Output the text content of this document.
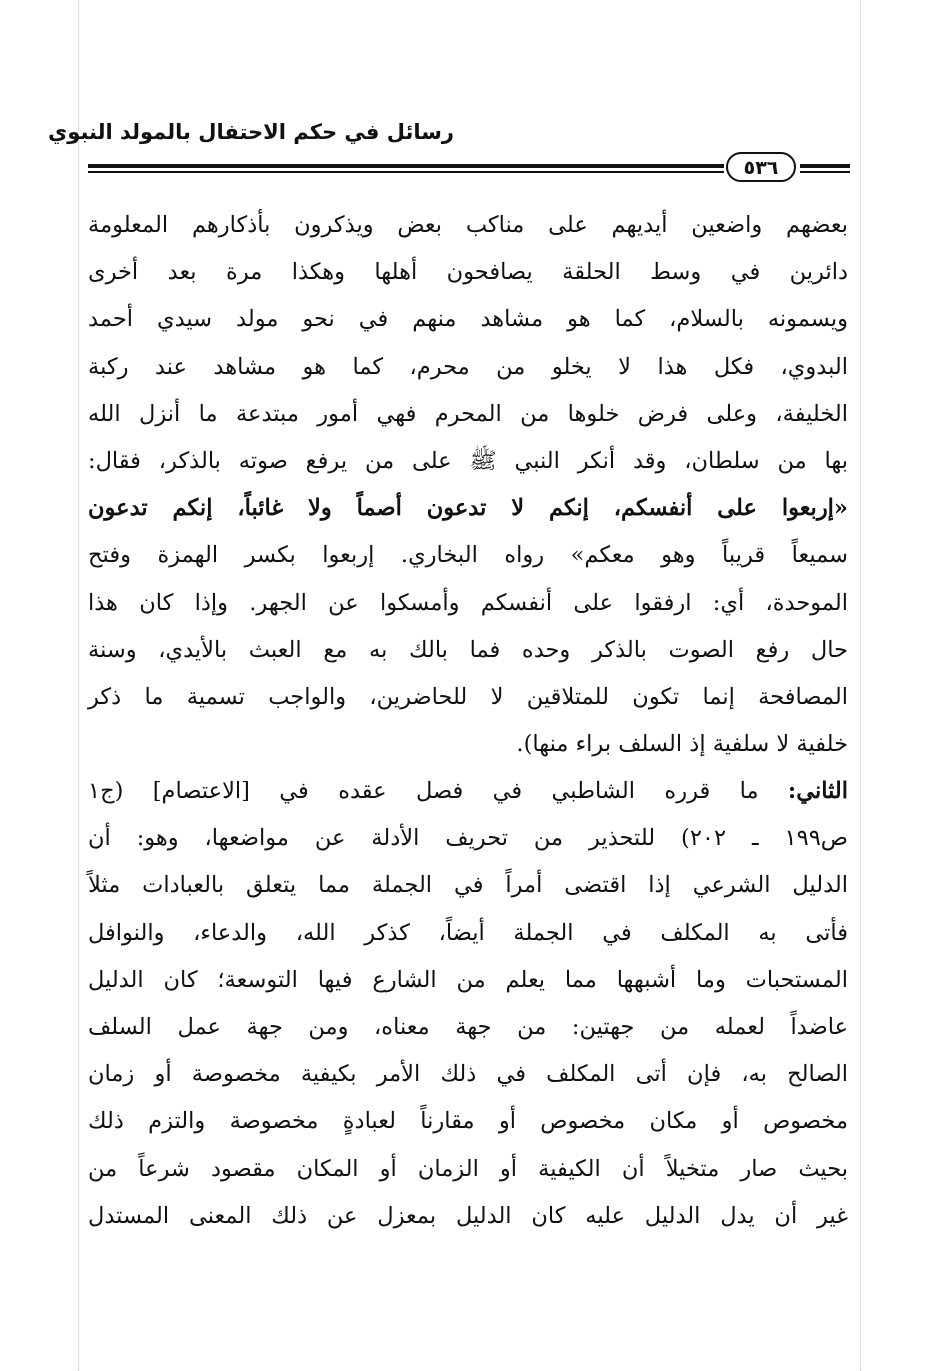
رسائل في حكم الاحتفال بالمولد النبوي
٥٣٦
بعضهم واضعين أيديهم على مناكب بعض ويذكرون بأذكارهم المعلومة
دائرين في وسط الحلقة يصافحون أهلها وهكذا مرة بعد أخرى
ويسمونه بالسلام، كما هو مشاهد منهم في نحو مولد سيدي أحمد
البدوي، فكل هذا لا يخلو من محرم، كما هو مشاهد عند ركبة
الخليفة، وعلى فرض خلوها من المحرم فهي أمور مبتدعة ما أنزل الله
بها من سلطان، وقد أنكر النبي ﷺ على من يرفع صوته بالذكر، فقال:
«إربعوا على أنفسكم، إنكم لا تدعون أصماً ولا غائباً، إنكم تدعون
سميعاً قريباً وهو معكم» رواه البخاري. إربعوا بكسر الهمزة وفتح
الموحدة، أي: ارفقوا على أنفسكم وأمسكوا عن الجهر. وإذا كان هذا
حال رفع الصوت بالذكر وحده فما بالك به مع العبث بالأيدي، وسنة
المصافحة إنما تكون للمتلاقين لا للحاضرين، والواجب تسمية ما ذكر
خلفية لا سلفية إذ السلف براء منها).
الثاني: ما قرره الشاطبي في فصل عقده في [الاعتصام] (ج١
ص١٩٩ ـ ٢٠٢) للتحذير من تحريف الأدلة عن مواضعها، وهو: أن
الدليل الشرعي إذا اقتضى أمراً في الجملة مما يتعلق بالعبادات مثلاً
فأتى به المكلف في الجملة أيضاً، كذكر الله، والدعاء، والنوافل
المستحبات وما أشبهها مما يعلم من الشارع فيها التوسعة؛ كان الدليل
عاضداً لعمله من جهتين: من جهة معناه، ومن جهة عمل السلف
الصالح به، فإن أتى المكلف في ذلك الأمر بكيفية مخصوصة أو زمان
مخصوص أو مكان مخصوص أو مقارناً لعبادةٍ مخصوصة والتزم ذلك
بحيث صار متخيلاً أن الكيفية أو الزمان أو المكان مقصود شرعاً من
غير أن يدل الدليل عليه كان الدليل بمعزل عن ذلك المعنى المستدل
